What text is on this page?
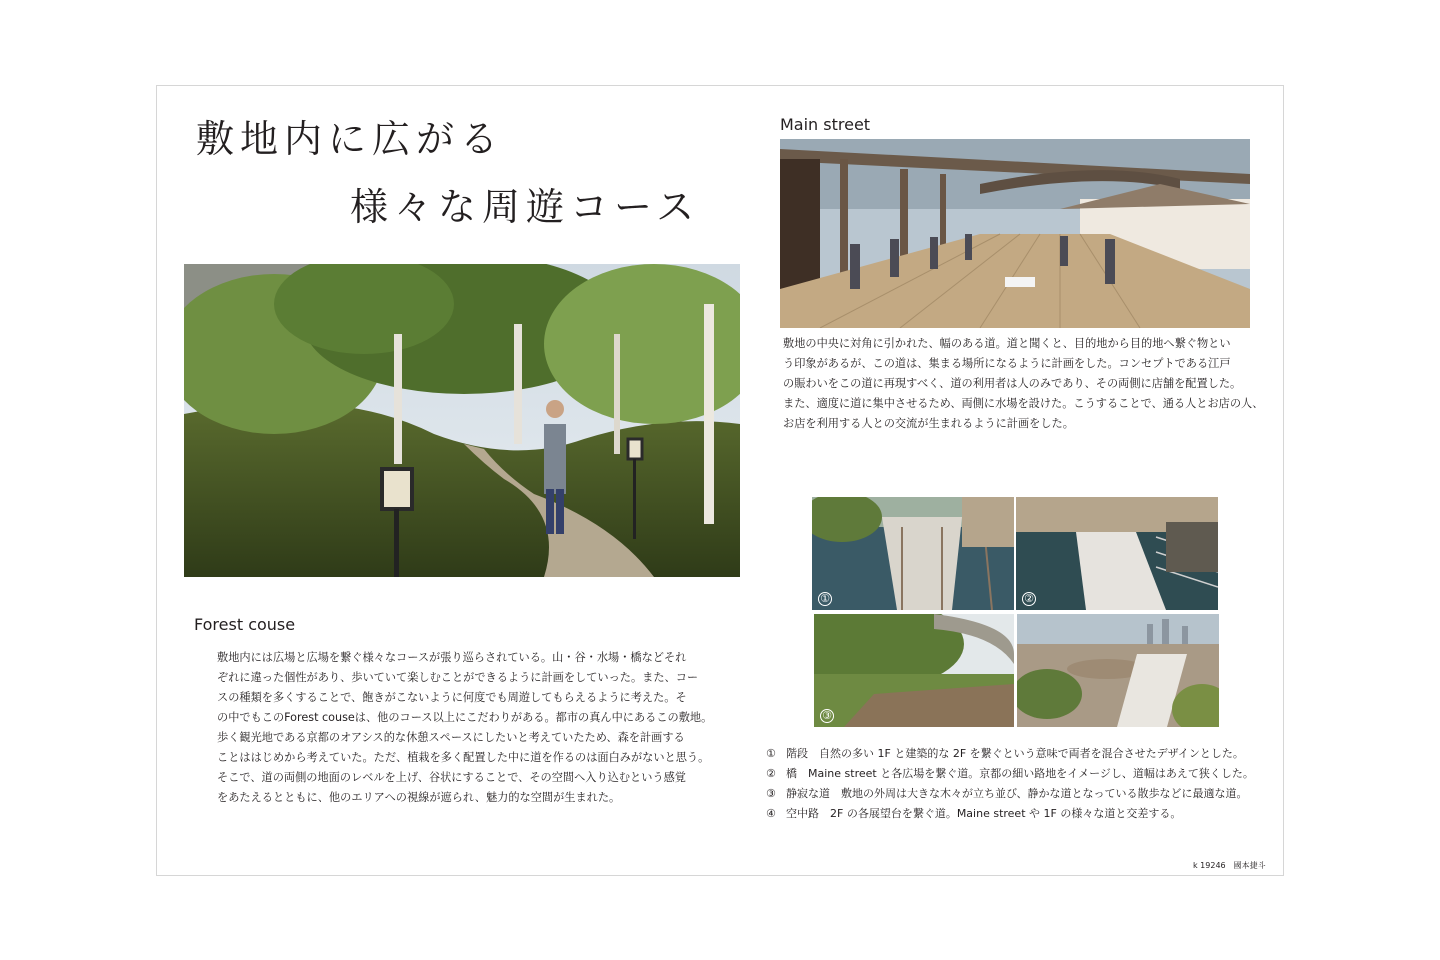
敷地内に広がる
様々な周遊コース
Forest couse
敷地内には広場と広場を繋ぐ様々なコースが張り巡らされている。山・谷・水場・橋などそれ
ぞれに違った個性があり、歩いていて楽しむことができるように計画をしていった。また、コー
スの種類を多くすることで、飽きがこないように何度でも周遊してもらえるように考えた。そ
の中でもこのForest couseは、他のコース以上にこだわりがある。都市の真ん中にあるこの敷地。
歩く観光地である京都のオアシス的な休憩スペースにしたいと考えていたため、森を計画する
ことははじめから考えていた。ただ、植栽を多く配置した中に道を作るのは面白みがないと思う。
そこで、道の両側の地面のレベルを上げ、谷状にすることで、その空間へ入り込むという感覚
をあたえるとともに、他のエリアへの視線が遮られ、魅力的な空間が生まれた。
Main street
敷地の中央に対角に引かれた、幅のある道。道と聞くと、目的地から目的地へ繋ぐ物とい
う印象があるが、この道は、集まる場所になるように計画をした。コンセプトである江戸
の賑わいをこの道に再現すべく、道の利用者は人のみであり、その両側に店舗を配置した。
また、適度に道に集中させるため、両側に水場を設けた。こうすることで、通る人とお店の人、
お店を利用する人との交流が生まれるように計画をした。
①	②
③
① 階段　自然の多い 1F と建築的な 2F を繋ぐという意味で両者を混合させたデザインとした。
② 橋　Maine street と各広場を繋ぐ道。京都の細い路地をイメージし、道幅はあえて狭くした。
③ 静寂な道　敷地の外周は大きな木々が立ち並び、静かな道となっている散歩などに最適な道。
④ 空中路　2F の各展望台を繋ぐ道。Maine street や 1F の様々な道と交差する。
k 19246　國本捷斗
